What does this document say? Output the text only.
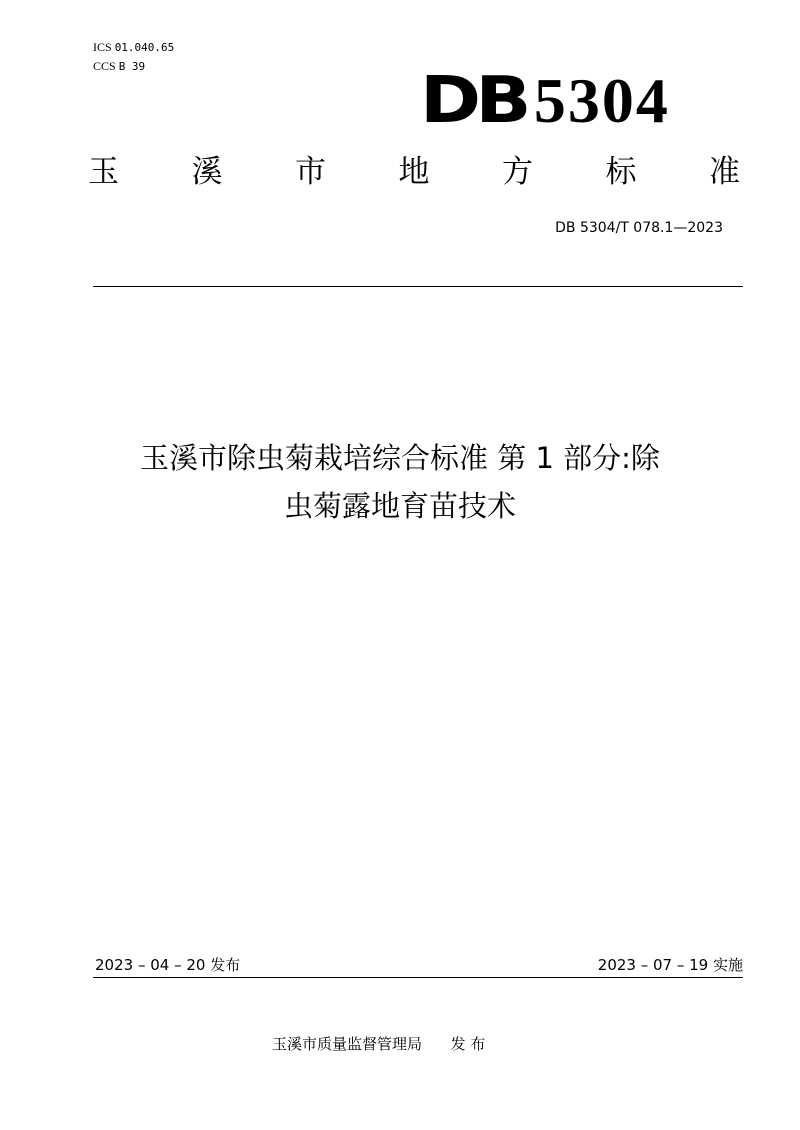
ICS 01.040.65
CCS B 39	DB 5304
玉 溪 市 地 方 标 准
DB 5304/T 078.1—2023
玉溪市除虫菊栽培综合标准 第 1 部分:除
虫菊露地育苗技术
2023 – 04 – 20 发布	2023 – 07 – 19 实施
玉溪市质量监督管理局 发 布
